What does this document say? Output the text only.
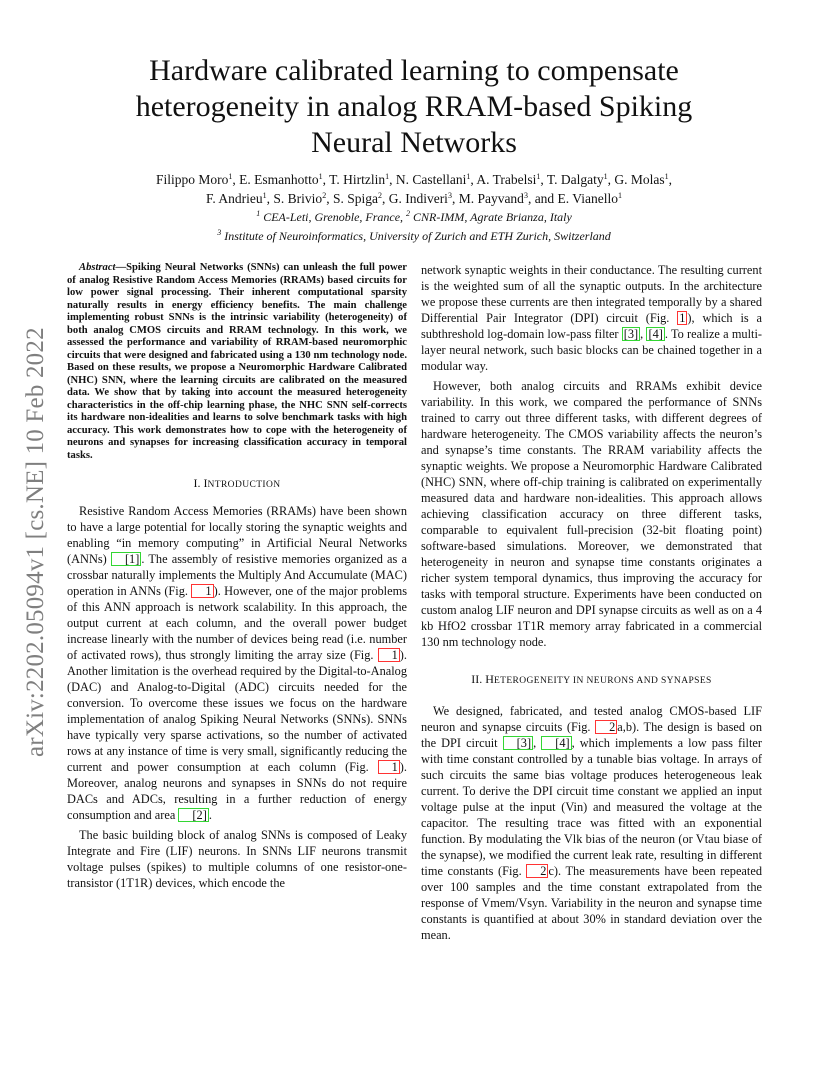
arXiv:2202.05094v1 [cs.NE] 10 Feb 2022
Hardware calibrated learning to compensate
heterogeneity in analog RRAM-based Spiking
Neural Networks
Filippo Moro$^1$, E. Esmanhotto$^1$, T. Hirtzlin$^1$, N. Castellani$^1$, A. Trabelsi$^1$, T. Dalgaty$^1$, G. Molas$^1$,
F. Andrieu$^1$, S. Brivio$^2$, S. Spiga$^2$, G. Indiveri$^3$, M. Payvand$^3$, and E. Vianello$^1$
$^1$ CEA-Leti, Grenoble, France, $^2$ CNR-IMM, Agrate Brianza, Italy
$^3$ Institute of Neuroinformatics, University of Zurich and ETH Zurich, Switzerland

Abstract—Spiking Neural Networks (SNNs) can unleash the full power of analog Resistive Random Access Memories (RRAMs) based circuits for low power signal processing. Their inherent computational sparsity naturally results in energy efficiency benefits. The main challenge implementing robust SNNs is the intrinsic variability (heterogeneity) of both analog CMOS circuits and RRAM technology. In this work, we assessed the performance and variability of RRAM-based neuromorphic circuits that were designed and fabricated using a 130 nm technology node. Based on these results, we propose a Neuromorphic Hardware Calibrated (NHC) SNN, where the learning circuits are calibrated on the measured data. We show that by taking into account the measured heterogeneity characteristics in the off-chip learning phase, the NHC SNN self-corrects its hardware non-idealities and learns to solve benchmark tasks with high accuracy. This work demonstrates how to cope with the heterogeneity of neurons and synapses for increasing classification accuracy in temporal tasks.

I. INTRODUCTION

Resistive Random Access Memories (RRAMs) have been shown to have a large potential for locally storing the synaptic weights and enabling “in memory computing” in Artificial Neural Networks (ANNs) [1] . The assembly of resistive memories organized as a crossbar naturally implements the Multiply And Accumulate (MAC) operation in ANNs (Fig. 1 ). However, one of the major problems of this ANN approach is network scalability. In this approach, the output current at each column, and the overall power budget increase linearly with the number of devices being read (i.e. number of activated rows), thus strongly limiting the array size (Fig. 1 ). Another limitation is the overhead required by the Digital-to-Analog (DAC) and Analog-to-Digital (ADC) circuits needed for the conversion. To overcome these issues we focus on the hardware implementation of analog Spiking Neural Networks (SNNs). SNNs have typically very sparse activations, so the number of activated rows at any instance of time is very small, significantly reducing the current and power consumption at each column (Fig. 1 ). Moreover, analog neurons and synapses in SNNs do not require DACs and ADCs, resulting in a further reduction of energy consumption and area [2] .

The basic building block of analog SNNs is composed of Leaky Integrate and Fire (LIF) neurons. In SNNs LIF neurons transmit voltage pulses (spikes) to multiple columns of one resistor-one-transistor (1T1R) devices, which encode the

network synaptic weights in their conductance. The resulting current is the weighted sum of all the synaptic outputs. In the architecture we propose these currents are then integrated temporally by a shared Differential Pair Integrator (DPI) circuit (Fig. 1 ), which is a subthreshold log-domain low-pass filter [3] , [4] . To realize a multi-layer neural network, such basic blocks can be chained together in a modular way.

However, both analog circuits and RRAMs exhibit device variability. In this work, we compared the performance of SNNs trained to carry out three different tasks, with different degrees of hardware heterogeneity. The CMOS variability affects the neuron’s and synapse’s time constants. The RRAM variability affects the synaptic weights. We propose a Neuromorphic Hardware Calibrated (NHC) SNN, where off-chip training is calibrated on experimentally measured data and hardware non-idealities. This approach allows achieving classification accuracy on three different tasks, comparable to equivalent full-precision (32-bit floating point) software-based simulations. Moreover, we demonstrated that heterogeneity in neuron and synapse time constants originates a richer system temporal dynamics, thus improving the accuracy for tasks with temporal structure. Experiments have been conducted on custom analog LIF neuron and DPI synapse circuits as well as on a 4 kb HfO2 crossbar 1T1R memory array fabricated in a commercial 130 nm technology node.

II. HETEROGENEITY IN NEURONS AND SYNAPSES

We designed, fabricated, and tested analog CMOS-based LIF neuron and synapse circuits (Fig. 2 a,b). The design is based on the DPI circuit [3] , [4] , which implements a low pass filter with time constant controlled by a tunable bias voltage. In arrays of such circuits the same bias voltage produces heterogeneous leak current. To derive the DPI circuit time constant we applied an input voltage pulse at the input (Vin) and measured the voltage at the capacitor. The resulting trace was fitted with an exponential function. By modulating the Vlk bias of the neuron (or Vtau biase of the synapse), we modified the current leak rate, resulting in different time constants (Fig. 2 c). The measurements have been repeated over 100 samples and the time constant extrapolated from the response of Vmem/Vsyn. Variability in the neuron and synapse time constants is quantified at about 30% in standard deviation over the mean.
